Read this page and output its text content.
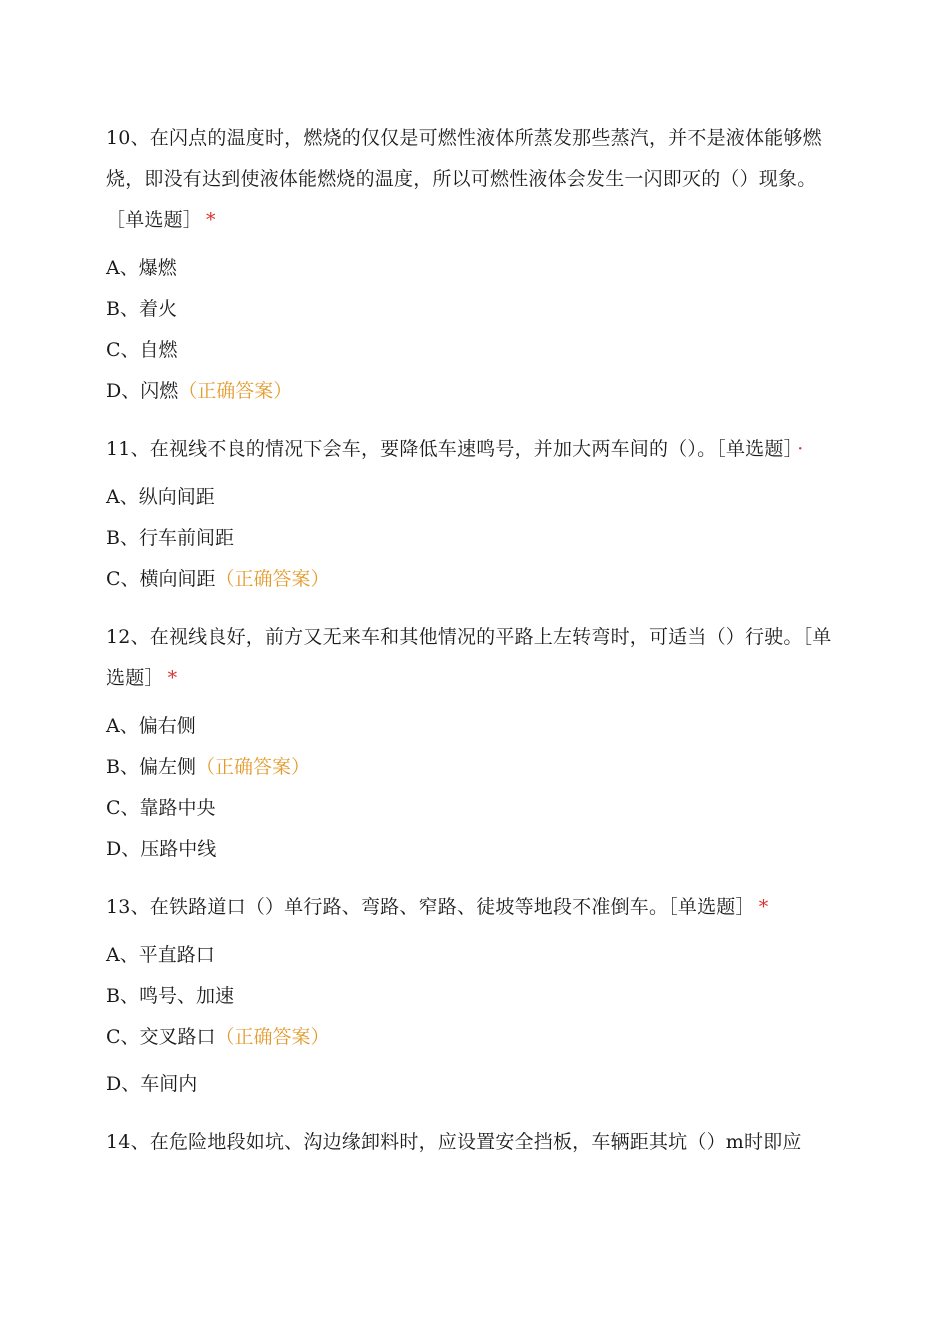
10、在闪点的温度时，燃烧的仅仅是可燃性液体所蒸发那些蒸汽，并不是液体能够燃烧，即没有达到使液体能燃烧的温度，所以可燃性液体会发生一闪即灭的（）现象。［单选题］ *

A、爆燃

B、着火

C、自燃

D、闪燃（正确答案）

11、在视线不良的情况下会车，要降低车速鸣号，并加大两车间的（）。［单选题］ ·

A、纵向间距

B、行车前间距

C、横向间距（正确答案）

12、在视线良好，前方又无来车和其他情况的平路上左转弯时，可适当（）行驶。［单选题］ *

A、偏右侧

B、偏左侧（正确答案）

C、靠路中央

D、压路中线

13、在铁路道口（）单行路、弯路、窄路、徒坡等地段不准倒车。［单选题］ *

A、平直路口

B、鸣号、加速

C、交叉路口（正确答案）

D、车间内

14、在危险地段如坑、沟边缘卸料时，应设置安全挡板，车辆距其坑（）m时即应
